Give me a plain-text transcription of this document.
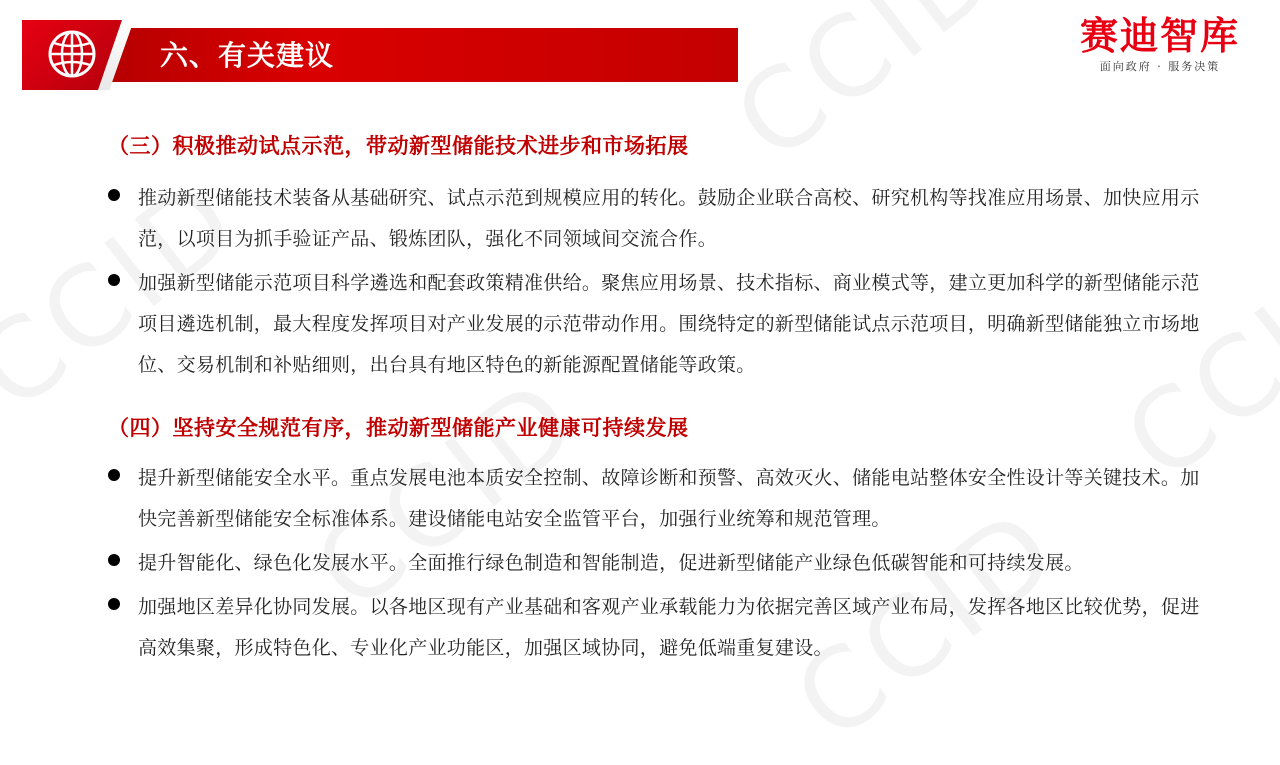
六、有关建议	赛迪智库
面向政府 · 服务决策
（三）积极推动试点示范，带动新型储能技术进步和市场拓展
推动新型储能技术装备从基础研究、试点示范到规模应用的转化。鼓励企业联合高校、研究机构等找准应用场景、加快应用示范，以项目为抓手验证产品、锻炼团队，强化不同领域间交流合作。
加强新型储能示范项目科学遴选和配套政策精准供给。聚焦应用场景、技术指标、商业模式等，建立更加科学的新型储能示范项目遴选机制，最大程度发挥项目对产业发展的示范带动作用。围绕特定的新型储能试点示范项目，明确新型储能独立市场地位、交易机制和补贴细则，出台具有地区特色的新能源配置储能等政策。
（四）坚持安全规范有序，推动新型储能产业健康可持续发展
提升新型储能安全水平。重点发展电池本质安全控制、故障诊断和预警、高效灭火、储能电站整体安全性设计等关键技术。加快完善新型储能安全标准体系。建设储能电站安全监管平台，加强行业统筹和规范管理。
提升智能化、绿色化发展水平。全面推行绿色制造和智能制造，促进新型储能产业绿色低碳智能和可持续发展。
加强地区差异化协同发展。以各地区现有产业基础和客观产业承载能力为依据完善区域产业布局，发挥各地区比较优势，促进高效集聚，形成特色化、专业化产业功能区，加强区域协同，避免低端重复建设。
